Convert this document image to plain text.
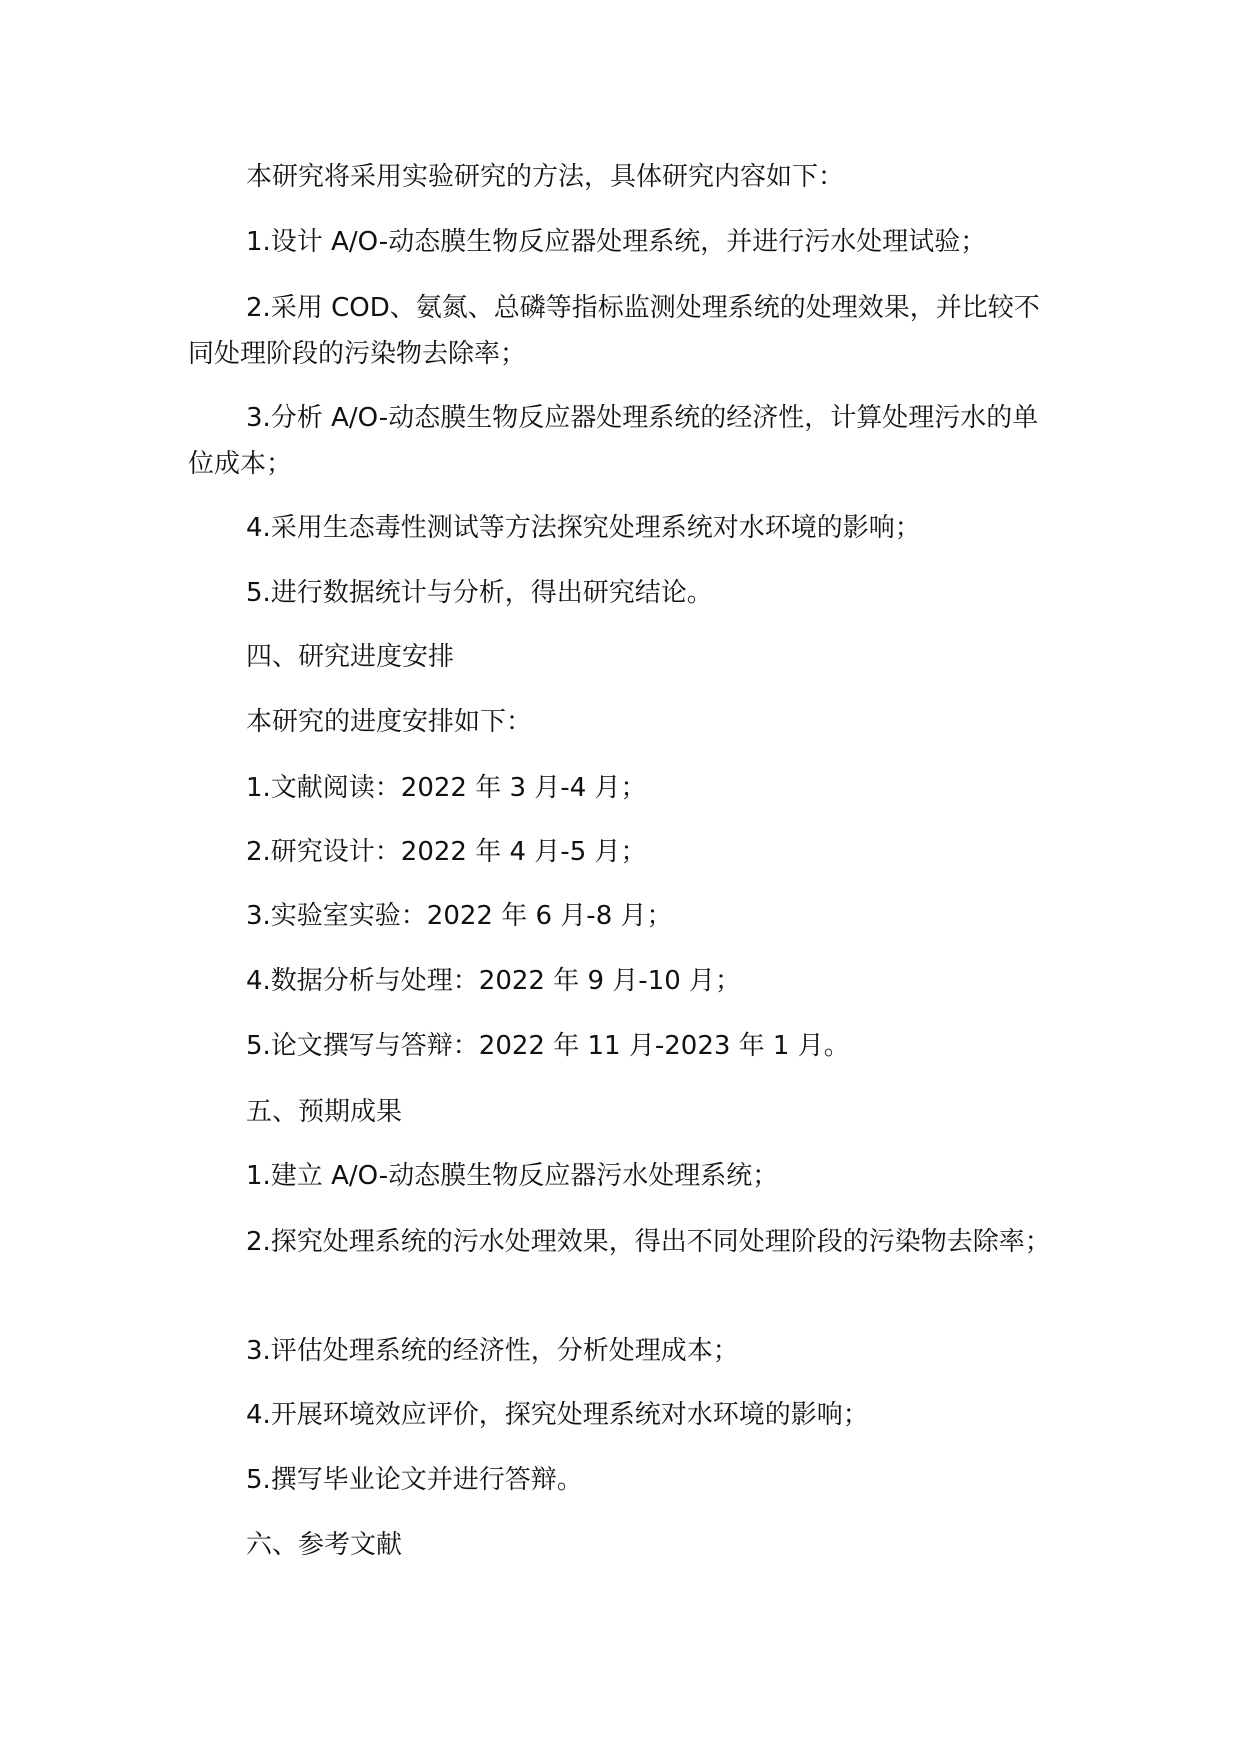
本研究将采用实验研究的方法，具体研究内容如下：

1.设计 A/O-动态膜生物反应器处理系统，并进行污水处理试验；

2.采用 COD、氨氮、总磷等指标监测处理系统的处理效果，并比较不同处理阶段的污染物去除率；

3.分析 A/O-动态膜生物反应器处理系统的经济性，计算处理污水的单位成本；

4.采用生态毒性测试等方法探究处理系统对水环境的影响；

5.进行数据统计与分析，得出研究结论。

四、研究进度安排

本研究的进度安排如下：

1.文献阅读：2022 年 3 月-4 月；

2.研究设计：2022 年 4 月-5 月；

3.实验室实验：2022 年 6 月-8 月；

4.数据分析与处理：2022 年 9 月-10 月；

5.论文撰写与答辩：2022 年 11 月-2023 年 1 月。

五、预期成果

1.建立 A/O-动态膜生物反应器污水处理系统；

2.探究处理系统的污水处理效果，得出不同处理阶段的污染物去除率；

3.评估处理系统的经济性，分析处理成本；

4.开展环境效应评价，探究处理系统对水环境的影响；

5.撰写毕业论文并进行答辩。

六、参考文献
